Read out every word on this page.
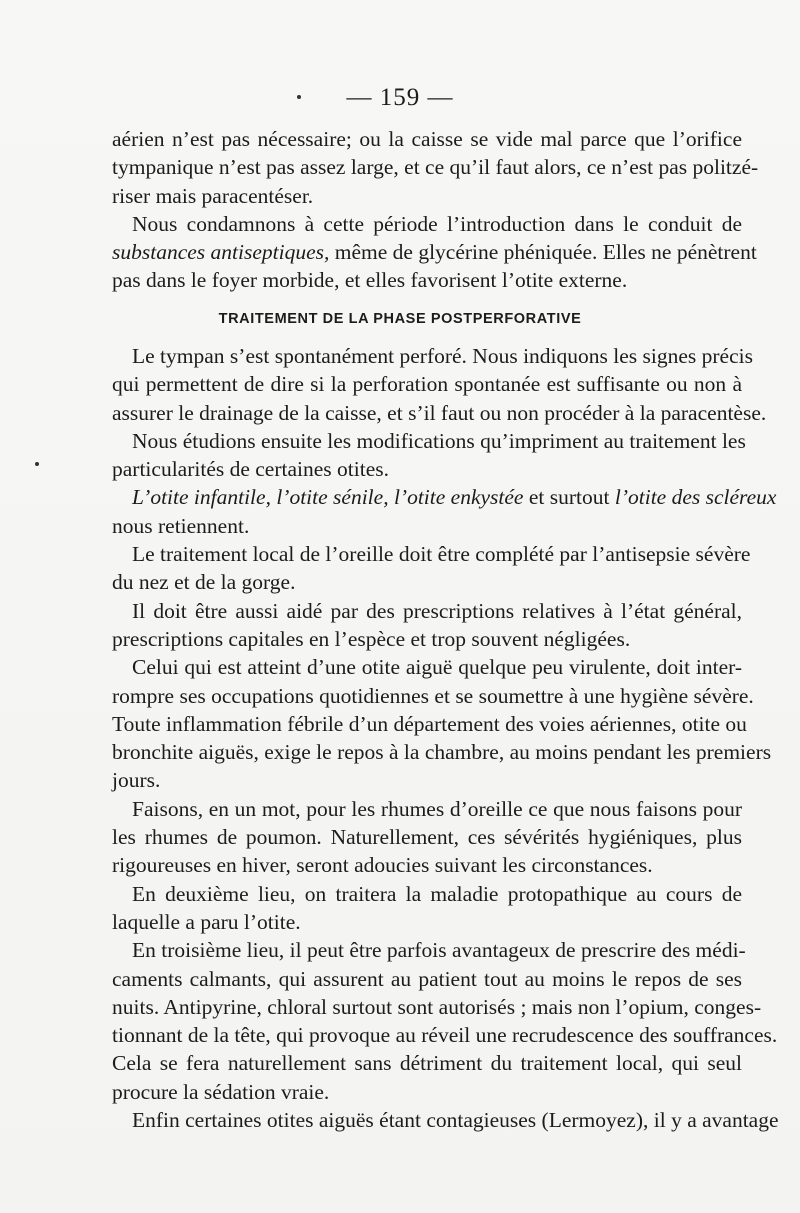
— 159 —
aérien n’est pas nécessaire; ou la caisse se vide mal parce que l’orifice
tympanique n’est pas assez large, et ce qu’il faut alors, ce n’est pas politzé-
riser mais paracentéser.
Nous condamnons à cette période l’introduction dans le conduit de
substances antiseptiques, même de glycérine phéniquée. Elles ne pénètrent
pas dans le foyer morbide, et elles favorisent l’otite externe.
TRAITEMENT DE LA PHASE POSTPERFORATIVE
Le tympan s’est spontanément perforé. Nous indiquons les signes précis
qui permettent de dire si la perforation spontanée est suffisante ou non à
assurer le drainage de la caisse, et s’il faut ou non procéder à la paracentèse.
Nous étudions ensuite les modifications qu’impriment au traitement les
particularités de certaines otites.
L’otite infantile, l’otite sénile, l’otite enkystée et surtout l’otite des scléreux
nous retiennent.
Le traitement local de l’oreille doit être complété par l’antisepsie sévère
du nez et de la gorge.
Il doit être aussi aidé par des prescriptions relatives à l’état général,
prescriptions capitales en l’espèce et trop souvent négligées.
Celui qui est atteint d’une otite aiguë quelque peu virulente, doit inter-
rompre ses occupations quotidiennes et se soumettre à une hygiène sévère.
Toute inflammation fébrile d’un département des voies aériennes, otite ou
bronchite aiguës, exige le repos à la chambre, au moins pendant les premiers
jours.
Faisons, en un mot, pour les rhumes d’oreille ce que nous faisons pour
les rhumes de poumon. Naturellement, ces sévérités hygiéniques, plus
rigoureuses en hiver, seront adoucies suivant les circonstances.
En deuxième lieu, on traitera la maladie protopathique au cours de
laquelle a paru l’otite.
En troisième lieu, il peut être parfois avantageux de prescrire des médi-
caments calmants, qui assurent au patient tout au moins le repos de ses
nuits. Antipyrine, chloral surtout sont autorisés ; mais non l’opium, conges-
tionnant de la tête, qui provoque au réveil une recrudescence des souffrances.
Cela se fera naturellement sans détriment du traitement local, qui seul
procure la sédation vraie.
Enfin certaines otites aiguës étant contagieuses (Lermoyez), il y a avantage
